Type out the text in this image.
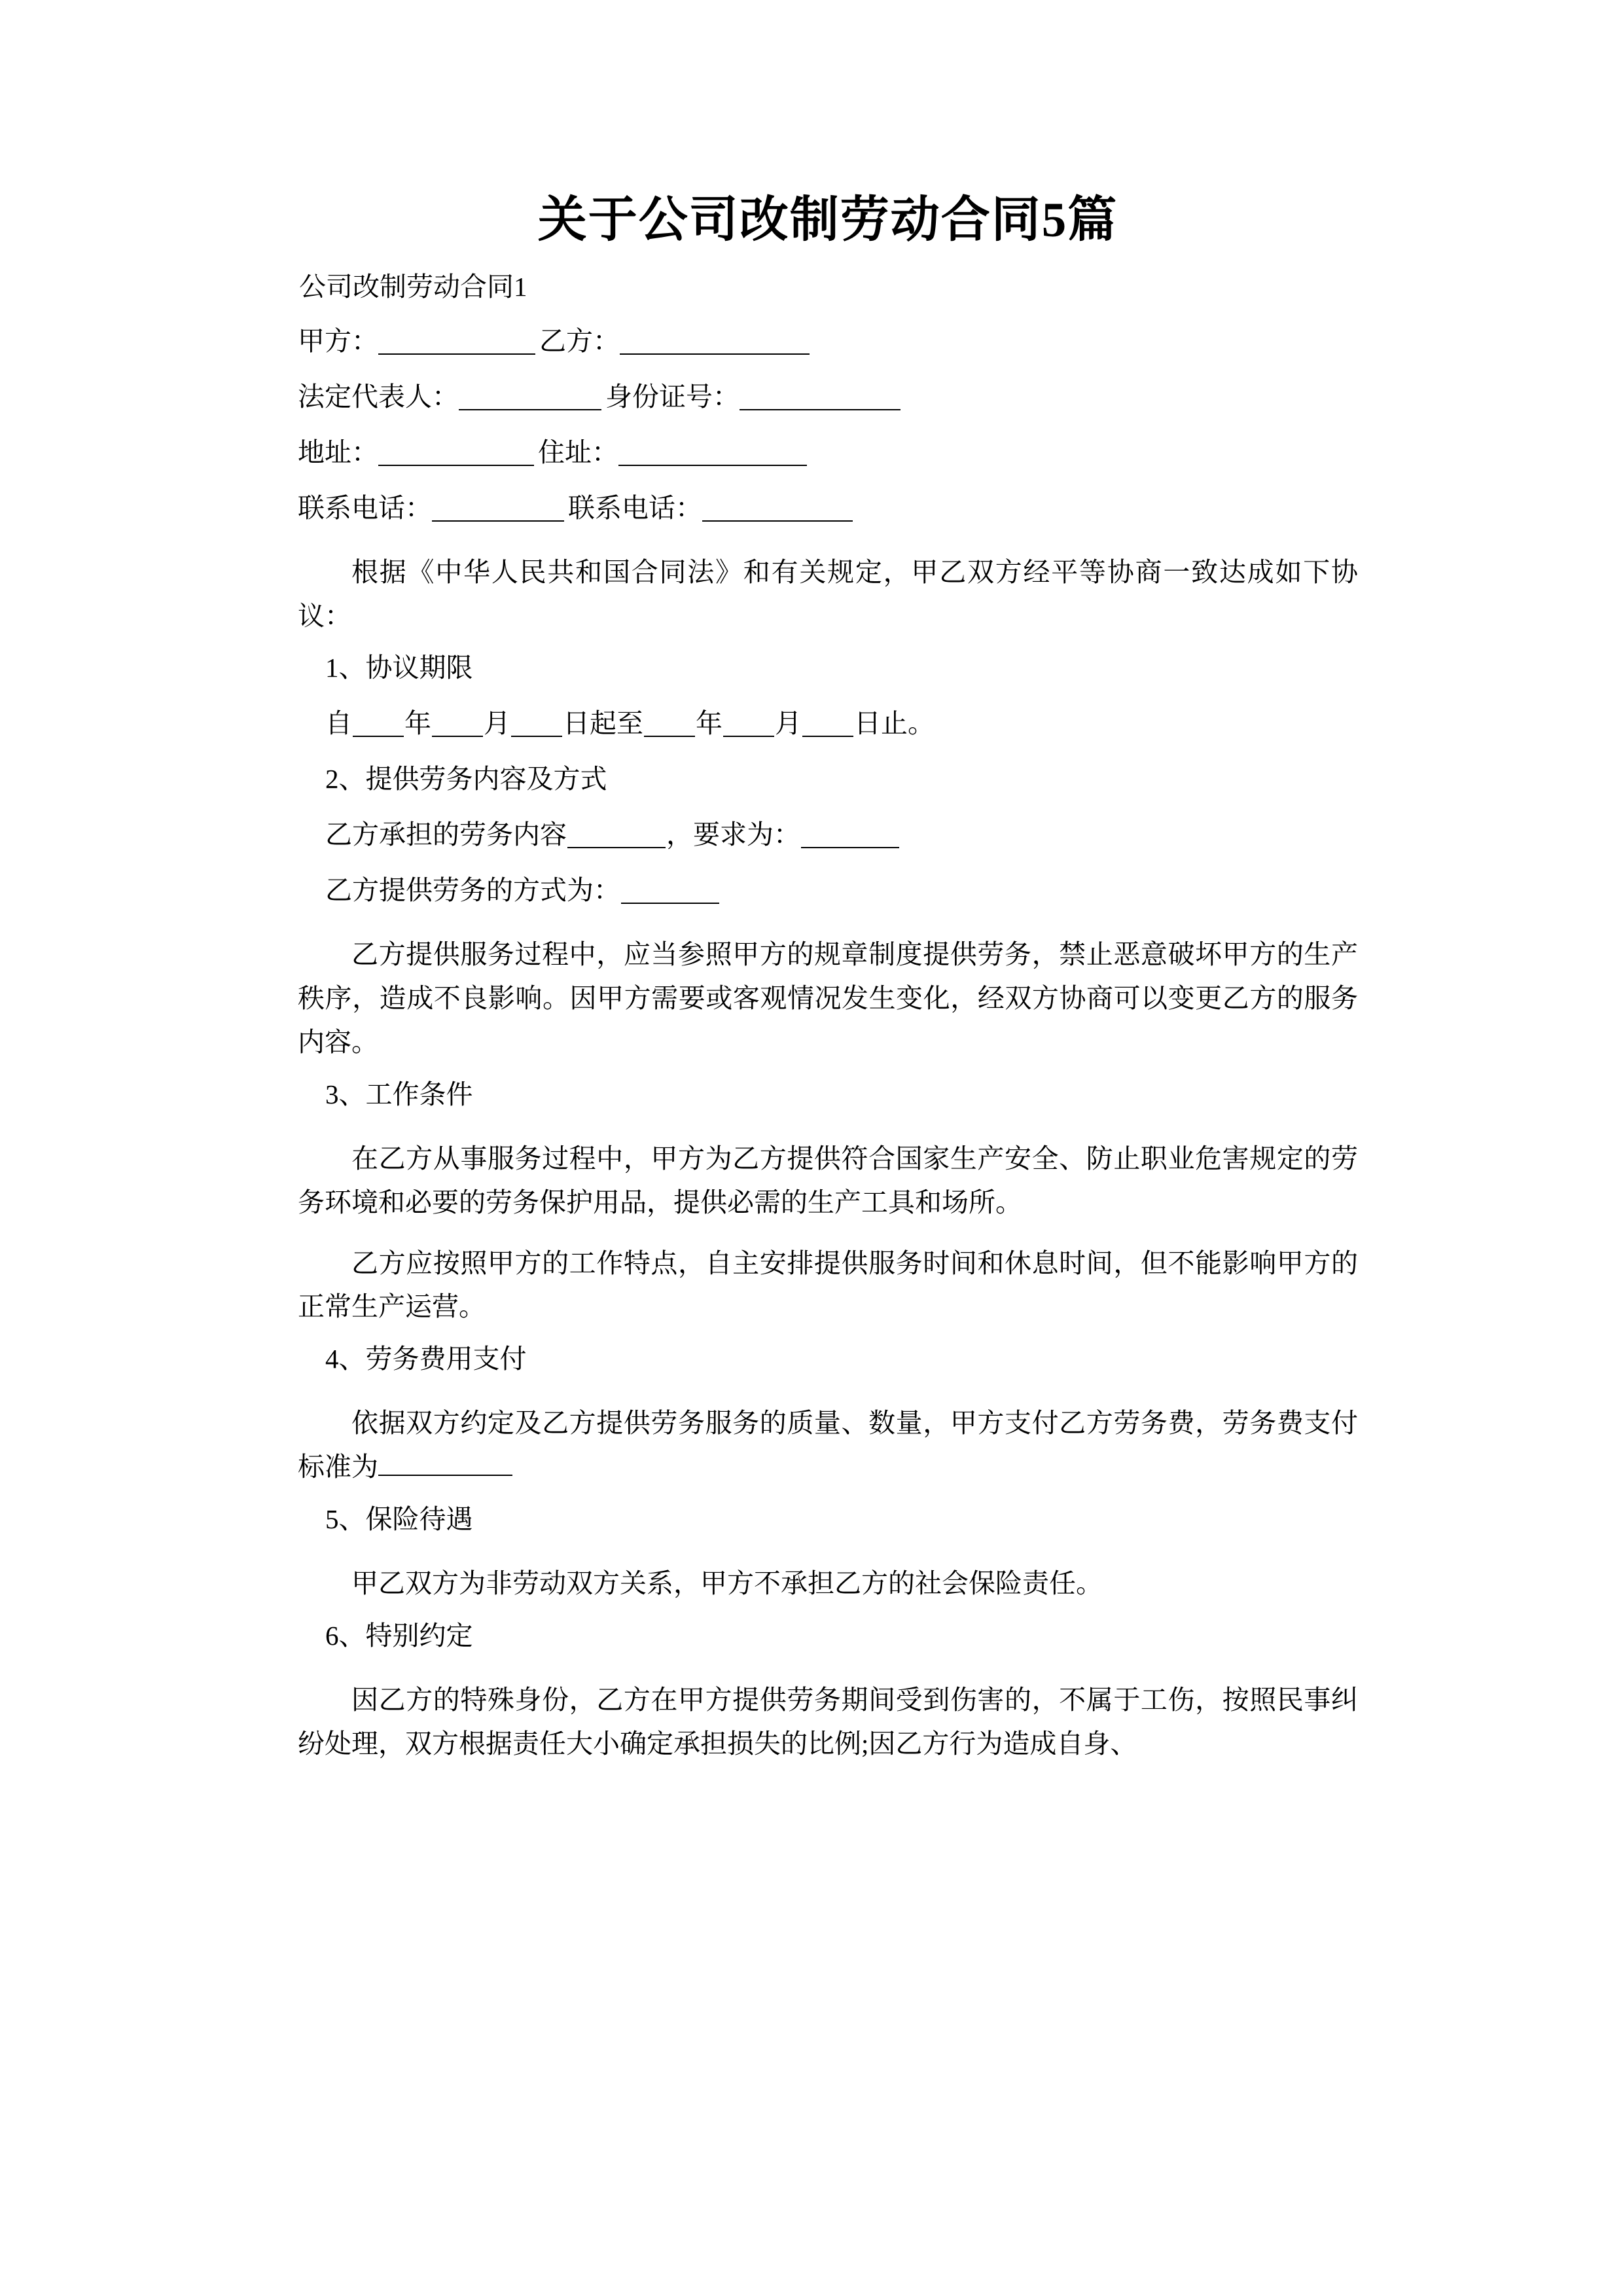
关于公司改制劳动合同5篇
公司改制劳动合同1
甲方：	乙方：
法定代表人：	身份证号：
地址：	住址：
联系电话：	联系电话：

根据《中华人民共和国合同法》和有关规定，甲乙双方经平等协商一致达成如下协议：

1、协议期限
自 年 月 日起至 年 月 日止。
2、提供劳务内容及方式
乙方承担的劳务内容	，要求为：
乙方提供劳务的方式为：

乙方提供服务过程中，应当参照甲方的规章制度提供劳务，禁止恶意破坏甲方的生产秩序，造成不良影响。因甲方需要或客观情况发生变化，经双方协商可以变更乙方的服务内容。

3、工作条件

在乙方从事服务过程中，甲方为乙方提供符合国家生产安全、防止职业危害规定的劳务环境和必要的劳务保护用品，提供必需的生产工具和场所。

乙方应按照甲方的工作特点，自主安排提供服务时间和休息时间，但不能影响甲方的正常生产运营。

4、劳务费用支付

依据双方约定及乙方提供劳务服务的质量、数量，甲方支付乙方劳务费，劳务费支付标准为

5、保险待遇

甲乙双方为非劳动双方关系，甲方不承担乙方的社会保险责任。

6、特别约定

因乙方的特殊身份，乙方在甲方提供劳务期间受到伤害的，不属于工伤，按照民事纠纷处理，双方根据责任大小确定承担损失的比例;因乙方行为造成自身、
